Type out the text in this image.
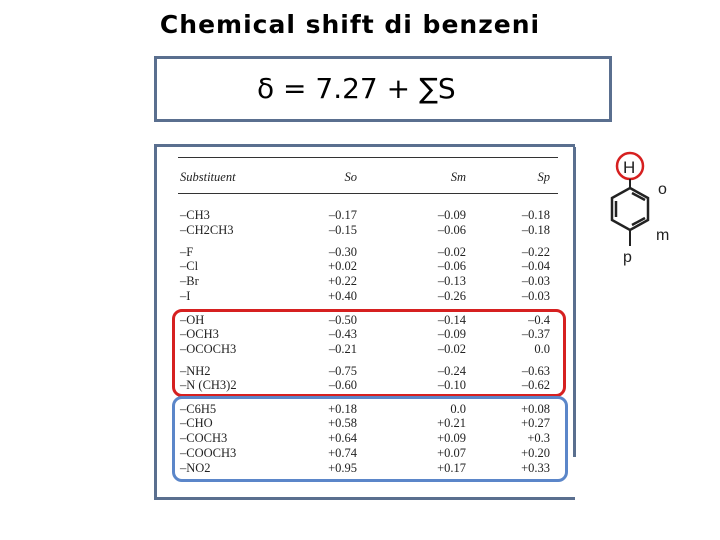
Chemical shift di benzeni
δ = 7.27 + ∑S
Substituent	So	Sm	Sp
–CH3	–0.17	–0.09	–0.18
–CH2CH3	–0.15	–0.06	–0.18
–F	–0.30	–0.02	–0.22
–Cl	+0.02	–0.06	–0.04
–Br	+0.22	–0.13	–0.03
–I	+0.40	–0.26	–0.03
–OH	–0.50	–0.14	–0.4
–OCH3	–0.43	–0.09	–0.37
–OCOCH3	–0.21	–0.02	0.0
–NH2	–0.75	–0.24	–0.63
–N (CH3)2	–0.60	–0.10	–0.62
–C6H5	+0.18	0.0	+0.08
–CHO	+0.58	+0.21	+0.27
–COCH3	+0.64	+0.09	+0.3
–COOCH3	+0.74	+0.07	+0.20
–NO2	+0.95	+0.17	+0.33
H
o
m
p
